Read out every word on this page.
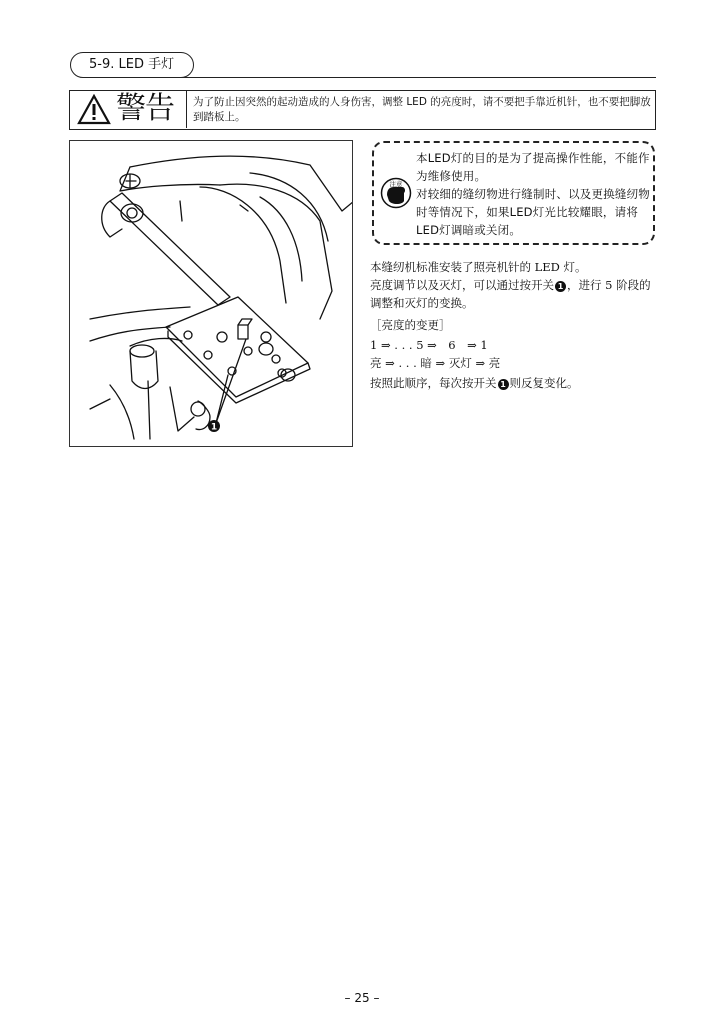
5-9. LED 手灯
警告 为了防止因突然的起动造成的人身伤害，调整 LED 的亮度时，请不要把手靠近机针，也不要把脚放到踏板上。
1
注意
本LED灯的目的是为了提高操作性能，不能作为维修使用。
对较细的缝纫物进行缝制时、以及更换缝纫物时等情况下，如果LED灯光比较耀眼，请将LED灯调暗或关闭。
本缝纫机标准安装了照亮机针的 LED 灯。
亮度调节以及灭灯，可以通过按开关 1 ，进行 5 阶段的调整和灭灯的变换。
［亮度的变更］
1 ⇒ . . . 5 ⇒　6　⇒ 1
亮 ⇒ . . . 暗 ⇒ 灭灯 ⇒ 亮
按照此顺序，每次按开关 1 则反复变化。
– 25 –
